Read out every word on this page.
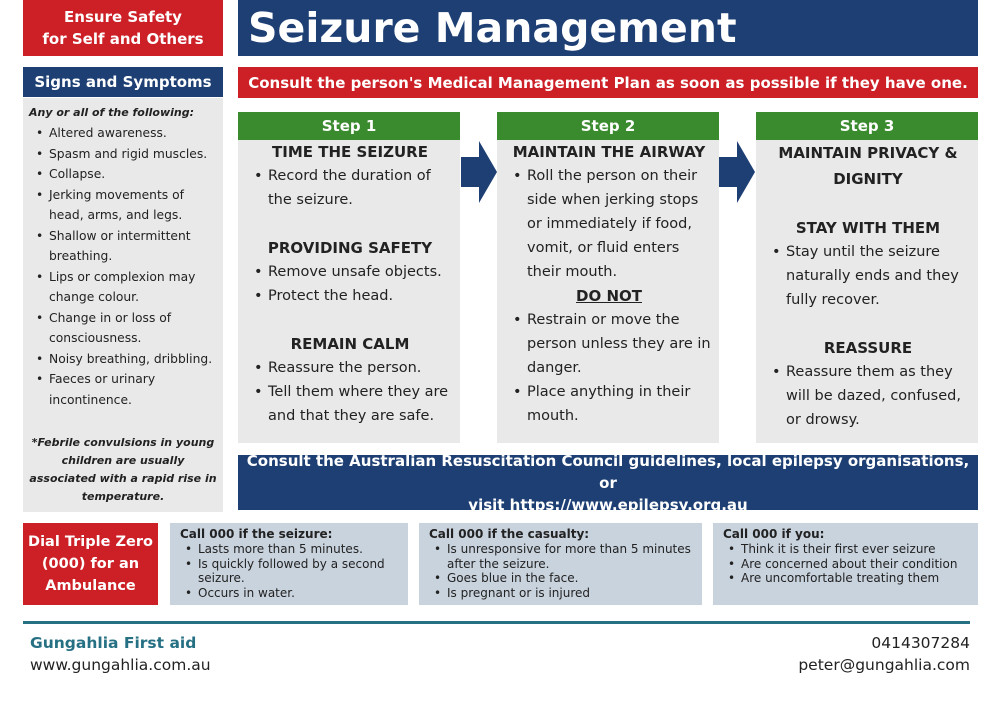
Ensure Safety
for Self and Others Seizure Management
Signs and Symptoms
Any or all of the following:
• Altered awareness.
• Spasm and rigid muscles.
• Collapse.
• Jerking movements of head, arms, and legs.
• Shallow or intermittent breathing.
• Lips or complexion may change colour.
• Change in or loss of consciousness.
• Noisy breathing, dribbling.
• Faeces or urinary incontinence.
*Febrile convulsions in young children are usually associated with a rapid rise in temperature.
Consult the person's Medical Management Plan as soon as possible if they have one.
Step 1
TIME THE SEIZURE
• Record the duration of the seizure.
PROVIDING SAFETY
• Remove unsafe objects.
• Protect the head.
REMAIN CALM
• Reassure the person.
• Tell them where they are and that they are safe.
Step 2
MAINTAIN THE AIRWAY
• Roll the person on their side when jerking stops or immediately if food, vomit, or fluid enters their mouth.
DO NOT
• Restrain or move the person unless they are in danger.
• Place anything in their mouth.
Step 3
MAINTAIN PRIVACY & DIGNITY
STAY WITH THEM
• Stay until the seizure naturally ends and they fully recover.
REASSURE
• Reassure them as they will be dazed, confused, or drowsy.
Consult the Australian Resuscitation Council guidelines, local epilepsy organisations, or
visit https://www.epilepsy.org.au
Dial Triple Zero
(000) for an
Ambulance
Call 000 if the seizure:
• Lasts more than 5 minutes.
• Is quickly followed by a second seizure.
• Occurs in water.
Call 000 if the casualty:
• Is unresponsive for more than 5 minutes after the seizure.
• Goes blue in the face.
• Is pregnant or is injured
Call 000 if you:
• Think it is their first ever seizure
• Are concerned about their condition
• Are uncomfortable treating them
Gungahlia First aid
www.gungahlia.com.au
0414307284
peter@gungahlia.com
